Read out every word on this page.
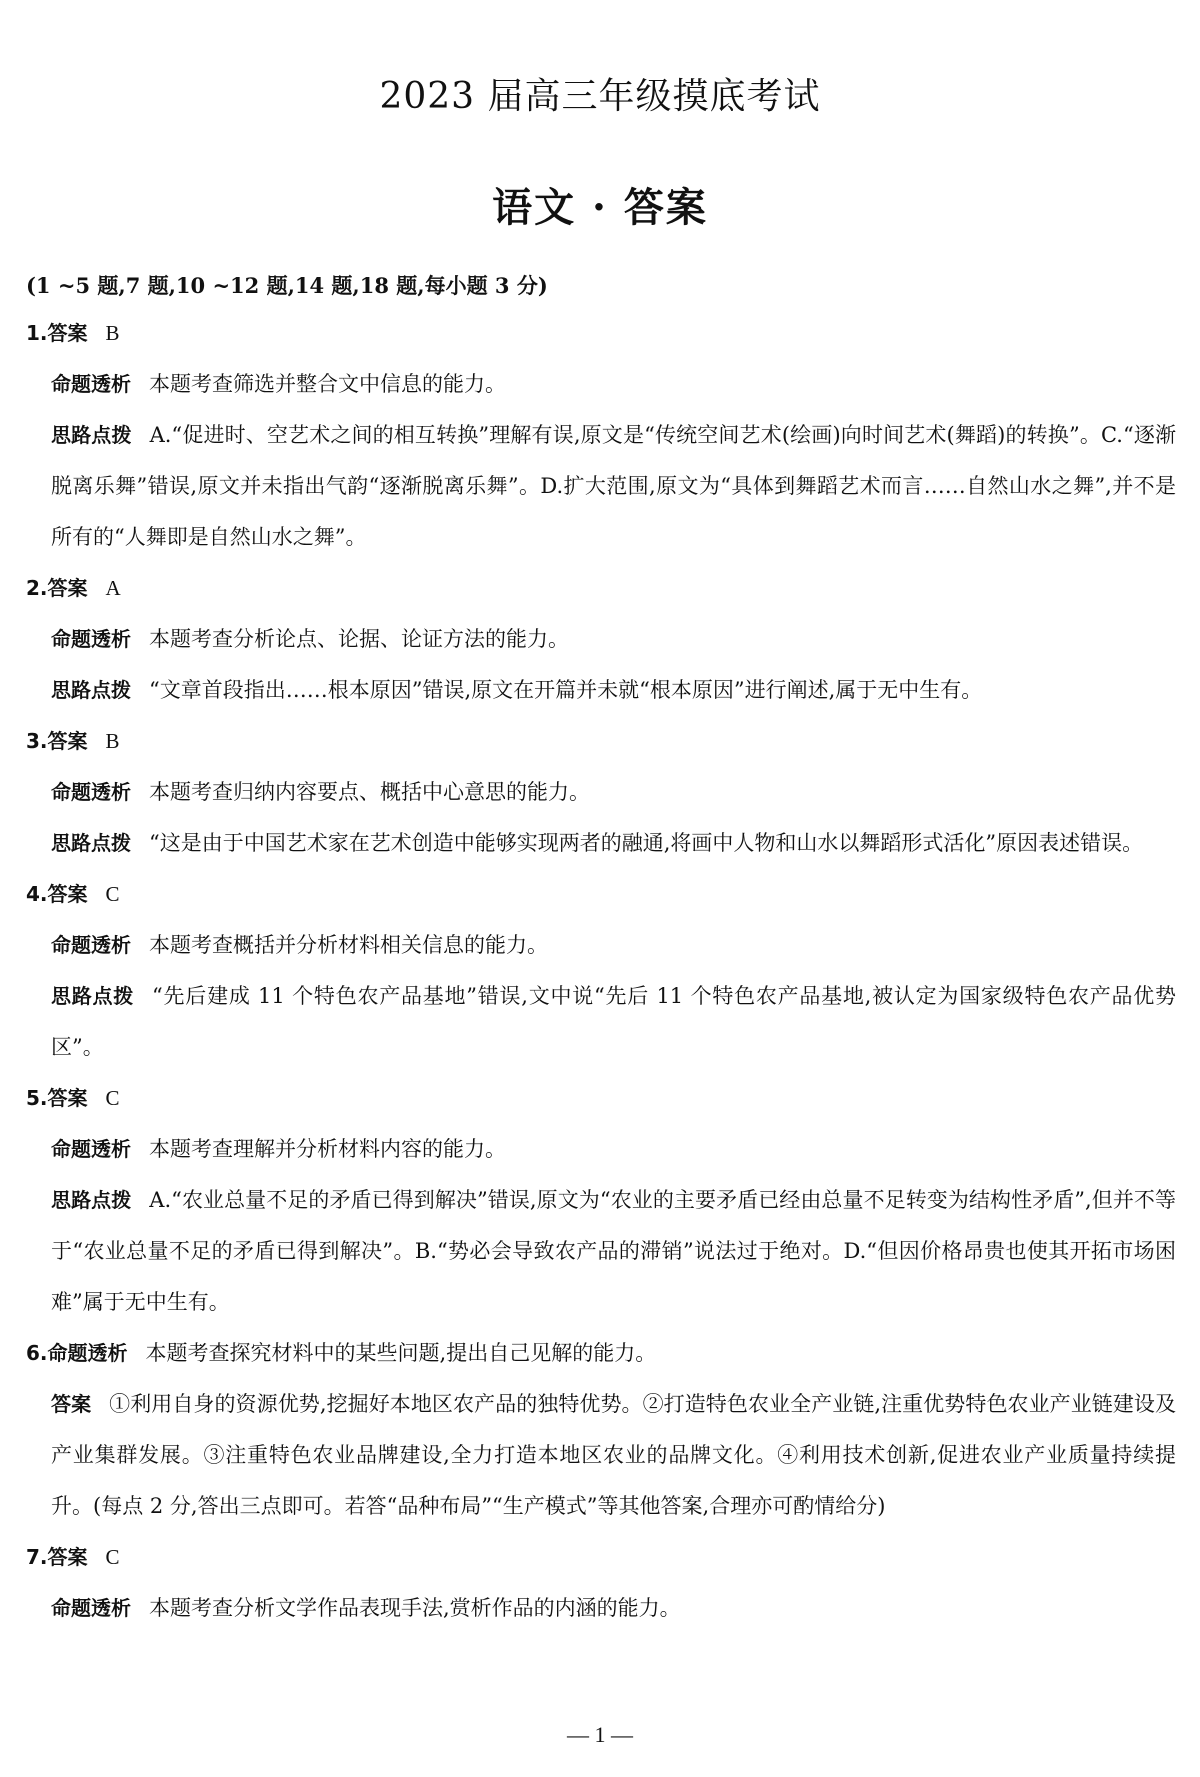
2023 届高三年级摸底考试
语文 · 答案
(1 ~5 题,7 题,10 ~12 题,14 题,18 题,每小题 3 分)
1.答案 B
命题透析 本题考查筛选并整合文中信息的能力。
思路点拨 A.“促进时、空艺术之间的相互转换”理解有误,原文是“传统空间艺术(绘画)向时间艺术(舞蹈)的转换”。C.“逐渐脱离乐舞”错误,原文并未指出气韵“逐渐脱离乐舞”。D.扩大范围,原文为“具体到舞蹈艺术而言……自然山水之舞”,并不是所有的“人舞即是自然山水之舞”。
2.答案 A
命题透析 本题考查分析论点、论据、论证方法的能力。
思路点拨 “文章首段指出……根本原因”错误,原文在开篇并未就“根本原因”进行阐述,属于无中生有。
3.答案 B
命题透析 本题考查归纳内容要点、概括中心意思的能力。
思路点拨 “这是由于中国艺术家在艺术创造中能够实现两者的融通,将画中人物和山水以舞蹈形式活化”原因表述错误。
4.答案 C
命题透析 本题考查概括并分析材料相关信息的能力。
思路点拨 “先后建成 11 个特色农产品基地”错误,文中说“先后 11 个特色农产品基地,被认定为国家级特色农产品优势区”。
5.答案 C
命题透析 本题考查理解并分析材料内容的能力。
思路点拨 A.“农业总量不足的矛盾已得到解决”错误,原文为“农业的主要矛盾已经由总量不足转变为结构性矛盾”,但并不等于“农业总量不足的矛盾已得到解决”。B.“势必会导致农产品的滞销”说法过于绝对。D.“但因价格昂贵也使其开拓市场困难”属于无中生有。
6.命题透析 本题考查探究材料中的某些问题,提出自己见解的能力。
答案 ①利用自身的资源优势,挖掘好本地区农产品的独特优势。②打造特色农业全产业链,注重优势特色农业产业链建设及产业集群发展。③注重特色农业品牌建设,全力打造本地区农业的品牌文化。④利用技术创新,促进农业产业质量持续提升。(每点 2 分,答出三点即可。若答“品种布局”“生产模式”等其他答案,合理亦可酌情给分)
7.答案 C
命题透析 本题考查分析文学作品表现手法,赏析作品的内涵的能力。
— 1 —
